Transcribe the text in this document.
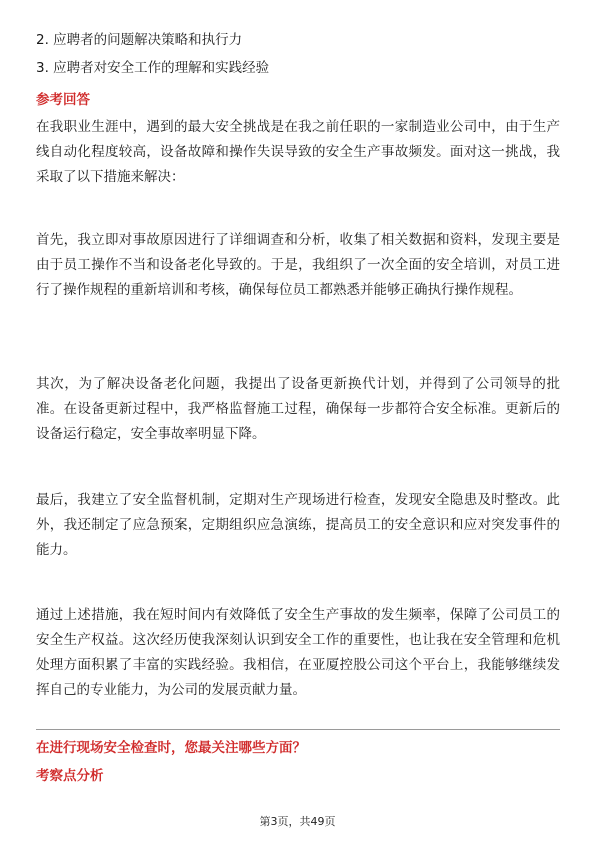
2. 应聘者的问题解决策略和执行力
3. 应聘者对安全工作的理解和实践经验
参考回答
在我职业生涯中，遇到的最大安全挑战是在我之前任职的一家制造业公司中，由于生产线自动化程度较高，设备故障和操作失误导致的安全生产事故频发。面对这一挑战，我采取了以下措施来解决：
首先，我立即对事故原因进行了详细调查和分析，收集了相关数据和资料，发现主要是由于员工操作不当和设备老化导致的。于是，我组织了一次全面的安全培训，对员工进行了操作规程的重新培训和考核，确保每位员工都熟悉并能够正确执行操作规程。
其次，为了解决设备老化问题，我提出了设备更新换代计划，并得到了公司领导的批准。在设备更新过程中，我严格监督施工过程，确保每一步都符合安全标准。更新后的设备运行稳定，安全事故率明显下降。
最后，我建立了安全监督机制，定期对生产现场进行检查，发现安全隐患及时整改。此外，我还制定了应急预案，定期组织应急演练，提高员工的安全意识和应对突发事件的能力。
通过上述措施，我在短时间内有效降低了安全生产事故的发生频率，保障了公司员工的安全生产权益。这次经历使我深刻认识到安全工作的重要性，也让我在安全管理和危机处理方面积累了丰富的实践经验。我相信，在亚厦控股公司这个平台上，我能够继续发挥自己的专业能力，为公司的发展贡献力量。
在进行现场安全检查时，您最关注哪些方面？
考察点分析
第3页，共49页
